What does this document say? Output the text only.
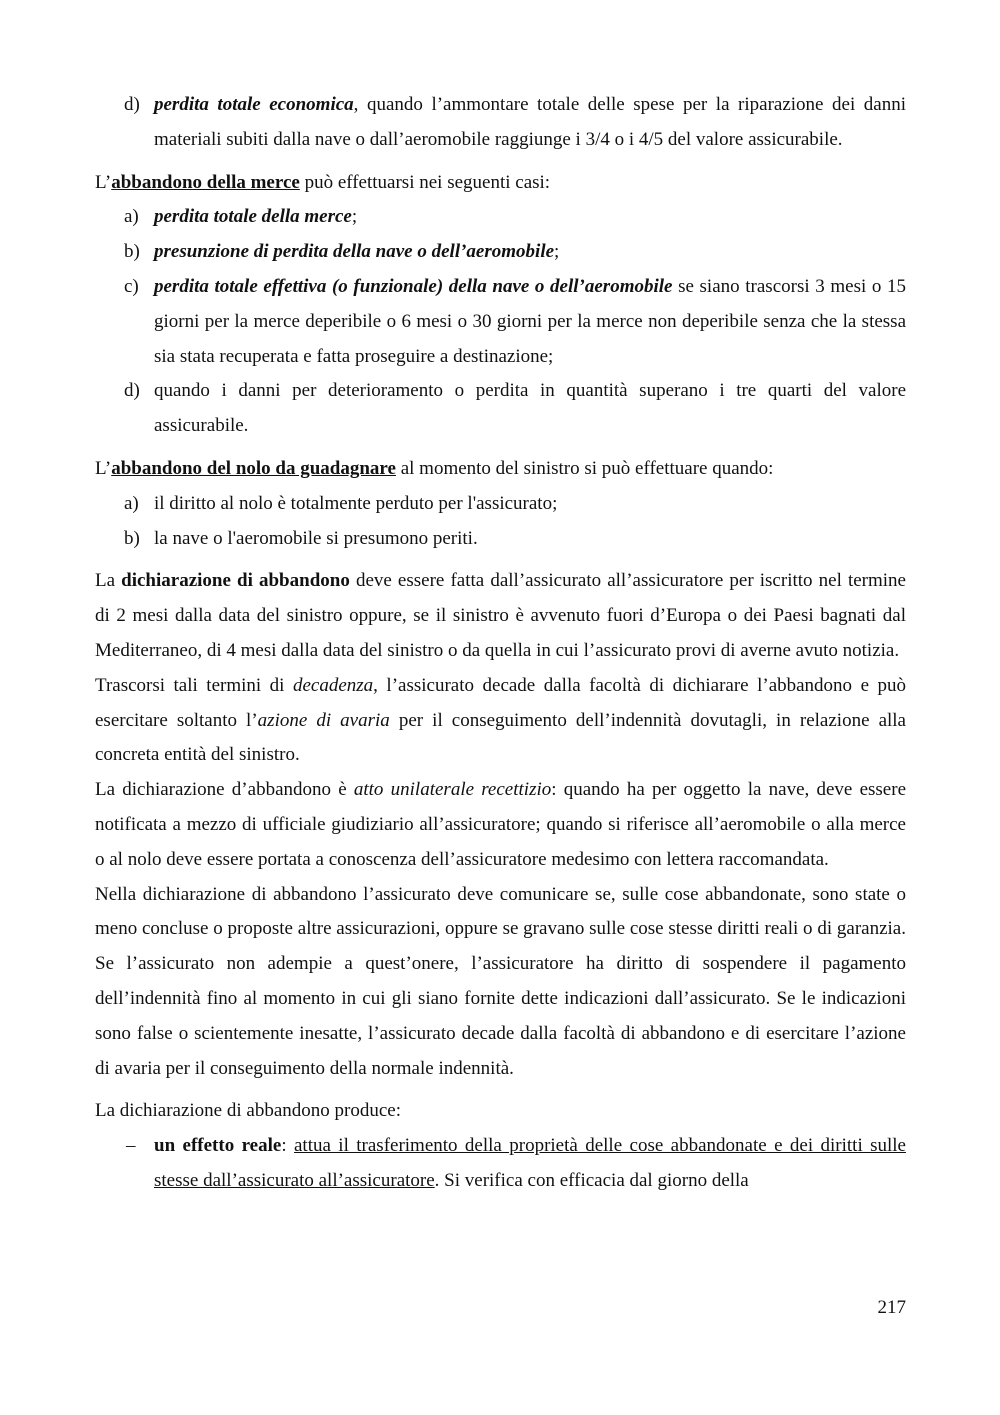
d) perdita totale economica, quando l’ammontare totale delle spese per la riparazione dei danni materiali subiti dalla nave o dall’aeromobile raggiunge i 3/4 o i 4/5 del valore assicurabile.

L’abbandono della merce può effettuarsi nei seguenti casi:

a) perdita totale della merce;
b) presunzione di perdita della nave o dell’aeromobile;
c) perdita totale effettiva (o funzionale) della nave o dell’aeromobile se siano trascorsi 3 mesi o 15 giorni per la merce deperibile o 6 mesi o 30 giorni per la merce non deperibile senza che la stessa sia stata recuperata e fatta proseguire a destinazione;
d) quando i danni per deterioramento o perdita in quantità superano i tre quarti del valore assicurabile.

L’abbandono del nolo da guadagnare al momento del sinistro si può effettuare quando:

a) il diritto al nolo è totalmente perduto per l'assicurato;
b) la nave o l'aeromobile si presumono periti.

La dichiarazione di abbandono deve essere fatta dall’assicurato all’assicuratore per iscritto nel termine di 2 mesi dalla data del sinistro oppure, se il sinistro è avvenuto fuori d’Europa o dei Paesi bagnati dal Mediterraneo, di 4 mesi dalla data del sinistro o da quella in cui l’assicurato provi di averne avuto notizia.

Trascorsi tali termini di decadenza, l’assicurato decade dalla facoltà di dichiarare l’abbandono e può esercitare soltanto l’azione di avaria per il conseguimento dell’indennità dovutagli, in relazione alla concreta entità del sinistro.

La dichiarazione d’abbandono è atto unilaterale recettizio: quando ha per oggetto la nave, deve essere notificata a mezzo di ufficiale giudiziario all’assicuratore; quando si riferisce all’aeromobile o alla merce o al nolo deve essere portata a conoscenza dell’assicuratore medesimo con lettera raccomandata.

Nella dichiarazione di abbandono l’assicurato deve comunicare se, sulle cose abbandonate, sono state o meno concluse o proposte altre assicurazioni, oppure se gravano sulle cose stesse diritti reali o di garanzia. Se l’assicurato non adempie a quest’onere, l’assicuratore ha diritto di sospendere il pagamento dell’indennità fino al momento in cui gli siano fornite dette indicazioni dall’assicurato. Se le indicazioni sono false o scientemente inesatte, l’assicurato decade dalla facoltà di abbandono e di esercitare l’azione di avaria per il conseguimento della normale indennità.

La dichiarazione di abbandono produce:

– un effetto reale: attua il trasferimento della proprietà delle cose abbandonate e dei diritti sulle stesse dall’assicurato all’assicuratore. Si verifica con efficacia dal giorno della
217
